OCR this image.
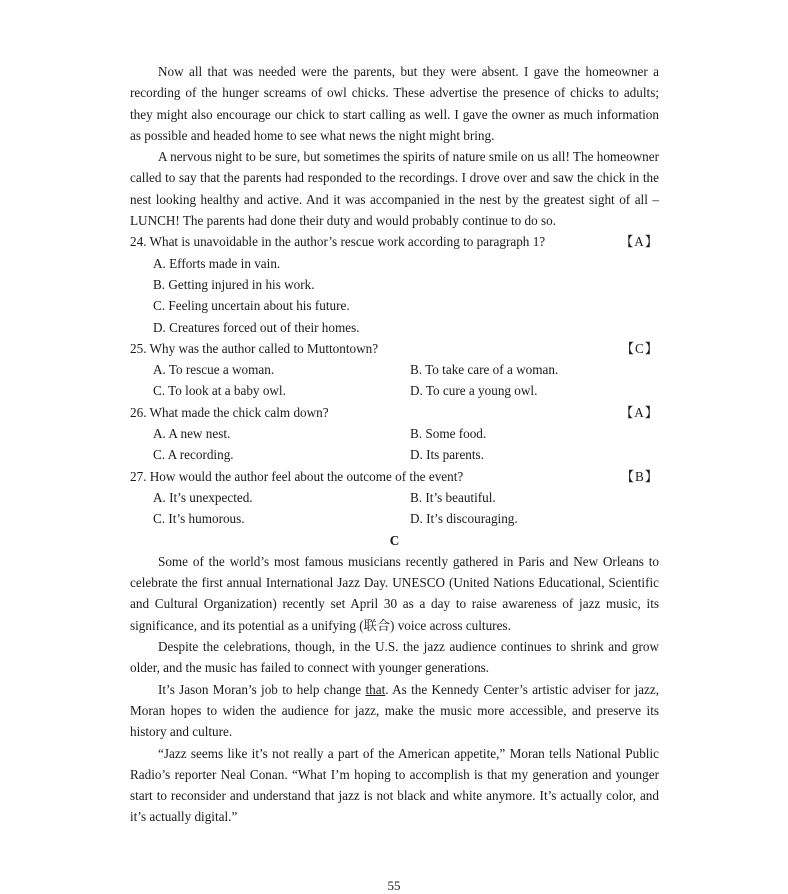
Now all that was needed were the parents, but they were absent. I gave the homeowner a recording of the hunger screams of owl chicks. These advertise the presence of chicks to adults; they might also encourage our chick to start calling as well. I gave the owner as much information as possible and headed home to see what news the night might bring.

A nervous night to be sure, but sometimes the spirits of nature smile on us all! The homeowner called to say that the parents had responded to the recordings. I drove over and saw the chick in the nest looking healthy and active. And it was accompanied in the nest by the greatest sight of all – LUNCH! The parents had done their duty and would probably continue to do so.

24. What is unavoidable in the author’s rescue work according to paragraph 1?	【A】
A. Efforts made in vain.
B. Getting injured in his work.
C. Feeling uncertain about his future.
D. Creatures forced out of their homes.
25. Why was the author called to Muttontown?	【C】
A. To rescue a woman.	B. To take care of a woman.
C. To look at a baby owl.	D. To cure a young owl.
26. What made the chick calm down?	【A】
A. A new nest.	B. Some food.
C. A recording.	D. Its parents.
27. How would the author feel about the outcome of the event?	【B】
A. It’s unexpected.	B. It’s beautiful.
C. It’s humorous.	D. It’s discouraging.
C

Some of the world’s most famous musicians recently gathered in Paris and New Orleans to celebrate the first annual International Jazz Day. UNESCO (United Nations Educational, Scientific and Cultural Organization) recently set April 30 as a day to raise awareness of jazz music, its significance, and its potential as a unifying (联合) voice across cultures.

Despite the celebrations, though, in the U.S. the jazz audience continues to shrink and grow older, and the music has failed to connect with younger generations.

It’s Jason Moran’s job to help change that. As the Kennedy Center’s artistic adviser for jazz, Moran hopes to widen the audience for jazz, make the music more accessible, and preserve its history and culture.

“Jazz seems like it’s not really a part of the American appetite,” Moran tells National Public Radio’s reporter Neal Conan. “What I’m hoping to accomplish is that my generation and younger start to reconsider and understand that jazz is not black and white anymore. It’s actually color, and it’s actually digital.”

55
